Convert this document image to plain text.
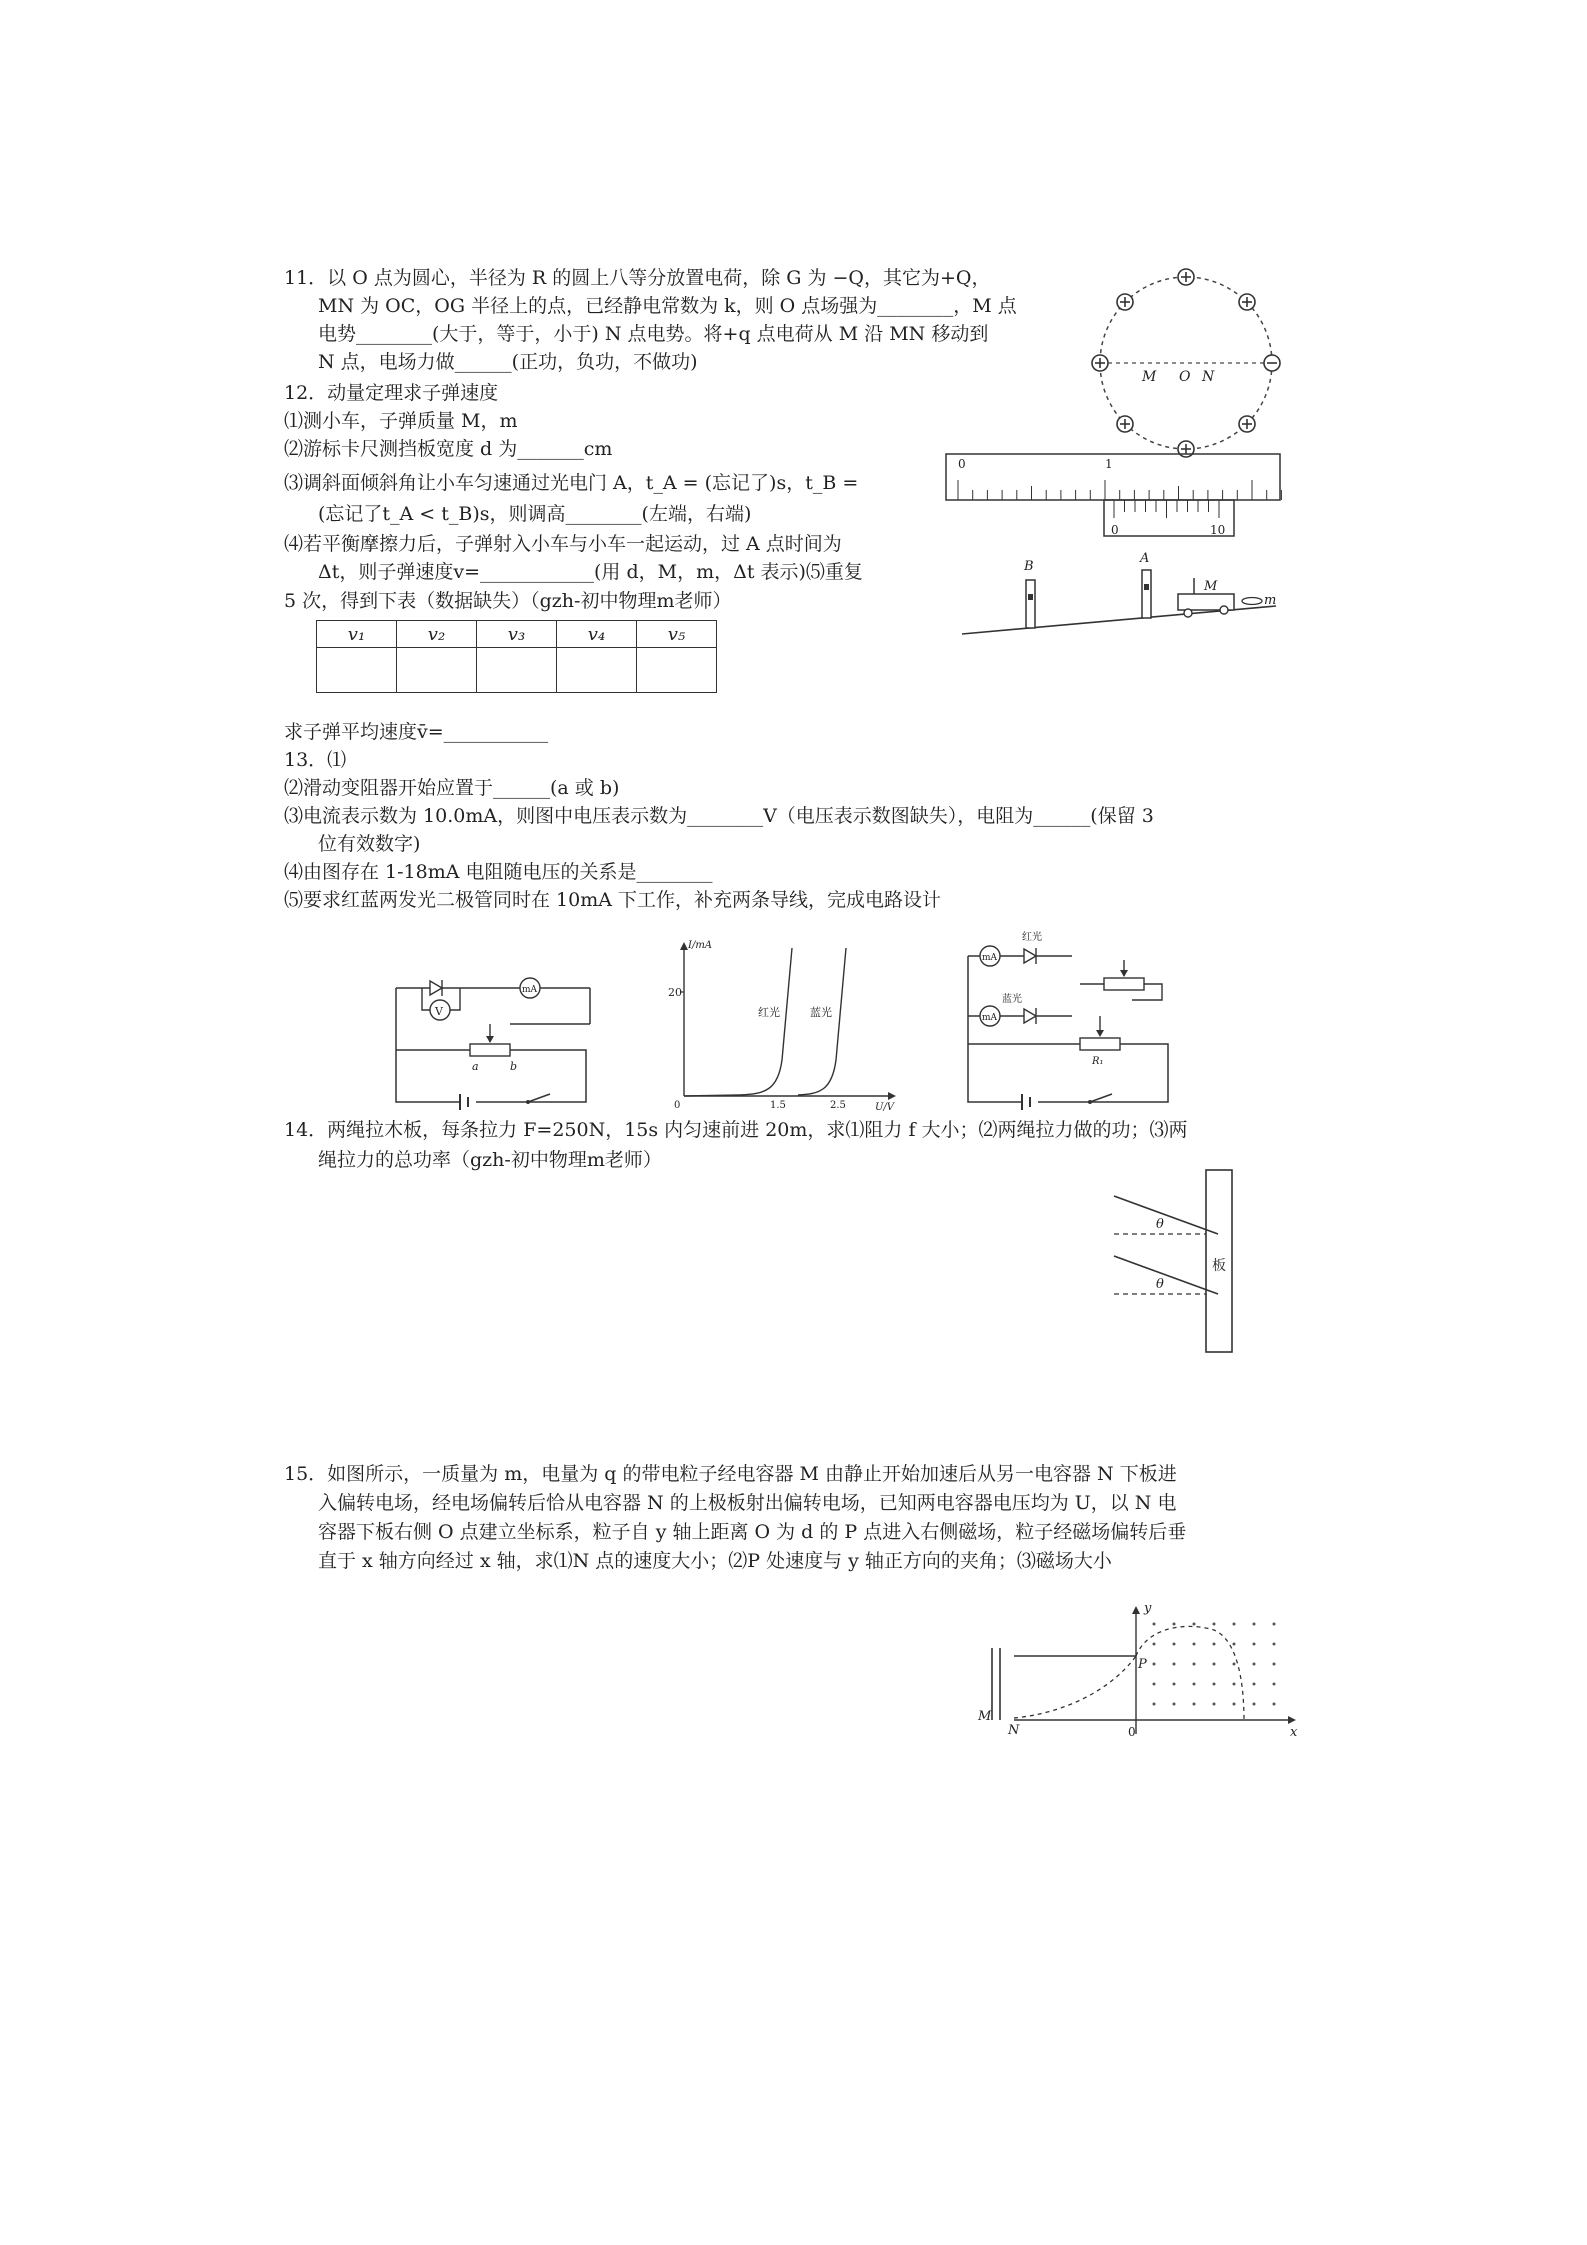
11．以 O 点为圆心，半径为 R 的圆上八等分放置电荷，除 G 为 −Q，其它为+Q，
MN 为 OC，OG 半径上的点，已经静电常数为 k，则 O 点场强为________，M 点
电势________(大于，等于，小于) N 点电势。将+q 点电荷从 M 沿 MN 移动到
N 点，电场力做______(正功，负功，不做功)
M O N
12．动量定理求子弹速度
⑴测小车，子弹质量 M，m
⑵游标卡尺测挡板宽度 d 为_______cm
⑶调斜面倾斜角让小车匀速通过光电门 A，t_A = (忘记了)s，t_B =
(忘记了t_A < t_B)s，则调高________(左端，右端)
⑷若平衡摩擦力后，子弹射入小车与小车一起运动，过 A 点时间为
Δt，则子弹速度v=____________(用 d，M，m，Δt 表示)⑸重复
5 次，得到下表（数据缺失）（gzh-初中物理m老师）
0	1
0	10
B
A
M
m
v₁	v₂	v₃	v₄	v₅

求子弹平均速度v̄=___________
13．⑴
⑵滑动变阻器开始应置于______(a 或 b)
⑶电流表示数为 10.0mA，则图中电压表示数为________V（电压表示数图缺失），电阻为______(保留 3
位有效数字)
⑷由图存在 1-18mA 电阻随电压的关系是________
⑸要求红蓝两发光二极管同时在 10mA 下工作，补充两条导线，完成电路设计
mA
V
a	b
I/mA
U/V
20
0	1.5	2.5
红光	蓝光
R₁
mA
mA
红光
蓝光
14．两绳拉木板，每条拉力 F=250N，15s 内匀速前进 20m，求⑴阻力 f 大小；⑵两绳拉力做的功；⑶两
绳拉力的总功率（gzh-初中物理m老师）
板
θ
θ
15．如图所示，一质量为 m，电量为 q 的带电粒子经电容器 M 由静止开始加速后从另一电容器 N 下板进
入偏转电场，经电场偏转后恰从电容器 N 的上极板射出偏转电场，已知两电容器电压均为 U，以 N 电
容器下板右侧 O 点建立坐标系，粒子自 y 轴上距离 O 为 d 的 P 点进入右侧磁场，粒子经磁场偏转后垂
直于 x 轴方向经过 x 轴，求⑴N 点的速度大小；⑵P 处速度与 y 轴正方向的夹角；⑶磁场大小
P
y
x
M
N	0
